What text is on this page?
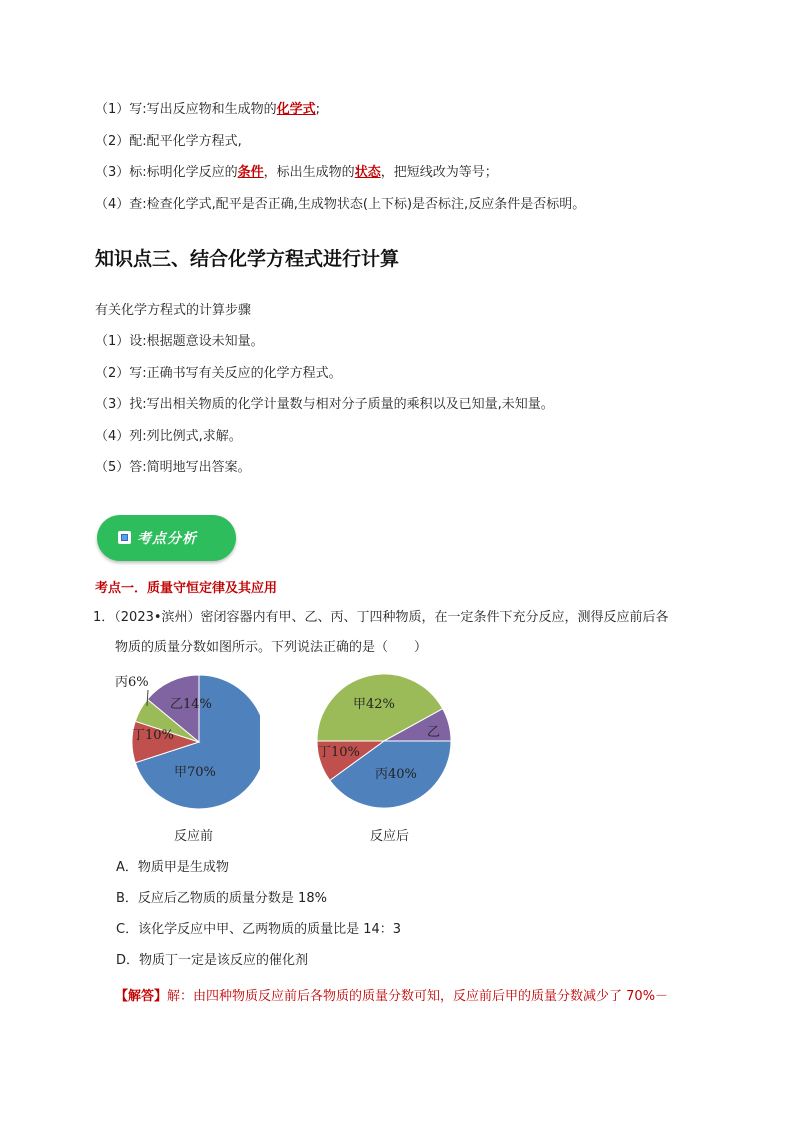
（1）写:写出反应物和生成物的化学式;
（2）配:配平化学方程式,
（3）标:标明化学反应的条件，标出生成物的状态，把短线改为等号；
（4）查:检查化学式,配平是否正确,生成物状态(上下标)是否标注,反应条件是否标明。
知识点三、结合化学方程式进行计算
有关化学方程式的计算步骤
（1）设:根据题意设未知量。
（2）写:正确书写有关反应的化学方程式。
（3）找:写出相关物质的化学计量数与相对分子质量的乘积以及已知量,未知量。
（4）列:列比例式,求解。
（5）答:简明地写出答案。
考点分析
考点一．质量守恒定律及其应用
1．（2023•滨州）密闭容器内有甲、乙、丙、丁四种物质，在一定条件下充分反应，测得反应前后各
物质的质量分数如图所示。下列说法正确的是（　　）
甲70%
丁10%
丙6%
乙14%
反应前
甲42%
乙
丙40%
丁10%
反应后
A．物质甲是生成物
B．反应后乙物质的质量分数是 18%
C．该化学反应中甲、乙两物质的质量比是 14：3
D．物质丁一定是该反应的催化剂
【解答】解：由四种物质反应前后各物质的质量分数可知，反应前后甲的质量分数减少了 70%－
